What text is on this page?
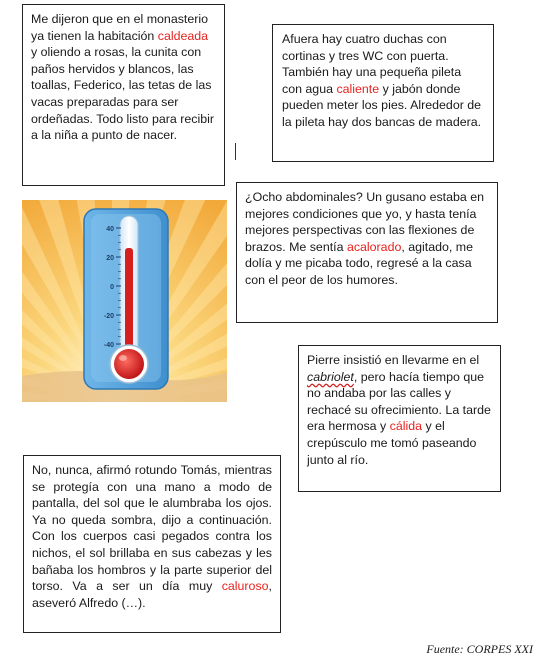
Me dijeron que en el monasterio ya tienen la habitación caldeada y oliendo a rosas, la cunita con paños hervidos y blancos, las toallas, Federico, las tetas de las vacas preparadas para ser ordeñadas. Todo listo para recibir a la niña a punto de nacer.

Afuera hay cuatro duchas con cortinas y tres WC con puerta. También hay una pequeña pileta con agua caliente y jabón donde pueden meter los pies. Alrededor de la pileta hay dos bancas de madera.

40
20
0
-20
-40

¿Ocho abdominales? Un gusano estaba en mejores condiciones que yo, y hasta tenía mejores perspectivas con las flexiones de brazos. Me sentía acalorado, agitado, me dolía y me picaba todo, regresé a la casa con el peor de los humores.

Pierre insistió en llevarme en el cabriolet, pero hacía tiempo que no andaba por las calles y rechacé su ofrecimiento. La tarde era hermosa y cálida y el crepúsculo me tomó paseando junto al río.

No, nunca, afirmó rotundo Tomás, mientras se protegía con una mano a modo de pantalla, del sol que le alumbraba los ojos. Ya no queda sombra, dijo a continuación. Con los cuerpos casi pegados contra los nichos, el sol brillaba en sus cabezas y les bañaba los hombros y la parte superior del torso. Va a ser un día muy caluroso, aseveró Alfredo (…).

Fuente: CORPES XXI
